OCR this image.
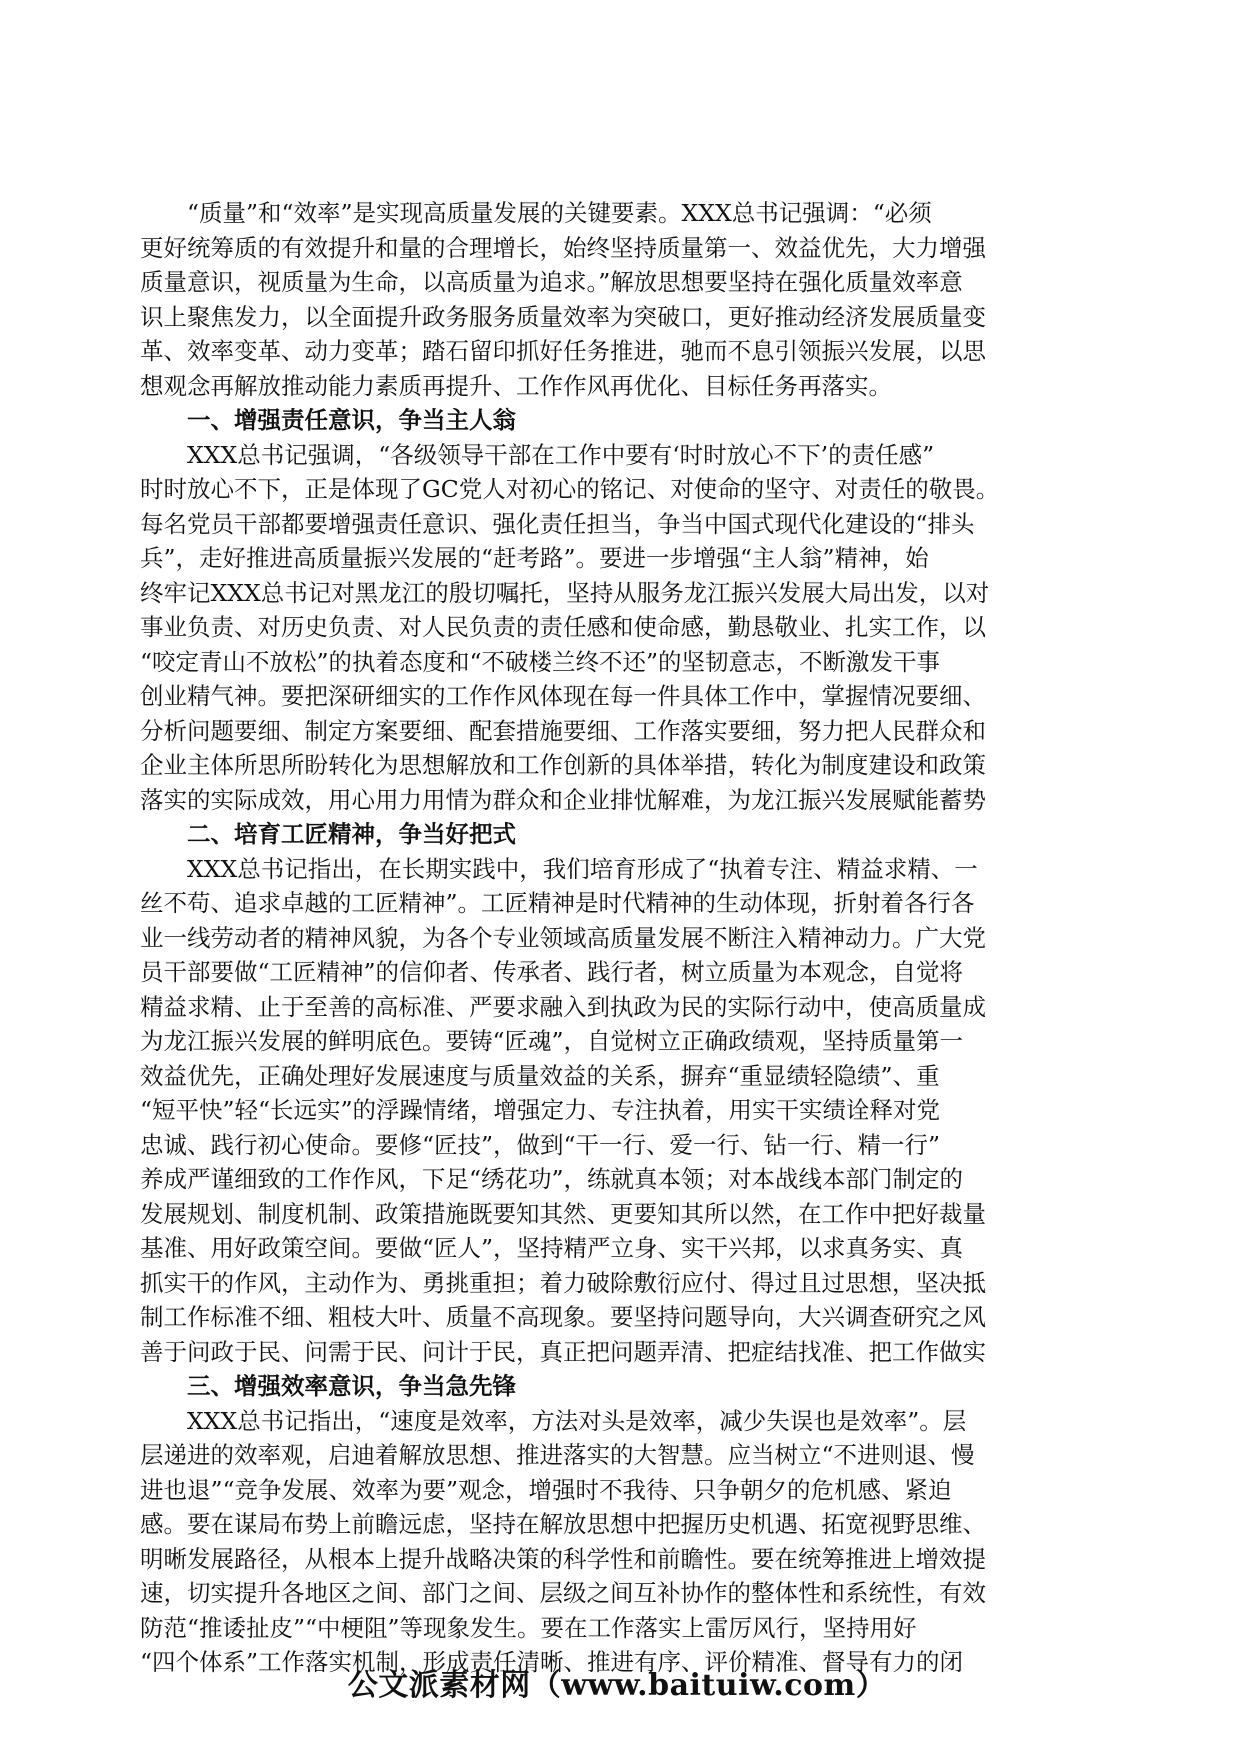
　　“质量”和“效率”是实现高质量发展的关键要素。XXX总书记强调：“必须
更好统筹质的有效提升和量的合理增长，始终坚持质量第一、效益优先，大力增强
质量意识，视质量为生命，以高质量为追求。”解放思想要坚持在强化质量效率意
识上聚焦发力，以全面提升政务服务质量效率为突破口，更好推动经济发展质量变
革、效率变革、动力变革；踏石留印抓好任务推进，驰而不息引领振兴发展，以思
想观念再解放推动能力素质再提升、工作作风再优化、目标任务再落实。
　　一、增强责任意识，争当主人翁
　　XXX总书记强调，“各级领导干部在工作中要有‘时时放心不下’的责任感”
时时放心不下，正是体现了GC党人对初心的铭记、对使命的坚守、对责任的敬畏。
每名党员干部都要增强责任意识、强化责任担当，争当中国式现代化建设的“排头
兵”，走好推进高质量振兴发展的“赶考路”。要进一步增强“主人翁”精神，始
终牢记XXX总书记对黑龙江的殷切嘱托，坚持从服务龙江振兴发展大局出发，以对
事业负责、对历史负责、对人民负责的责任感和使命感，勤恳敬业、扎实工作，以
“咬定青山不放松”的执着态度和“不破楼兰终不还”的坚韧意志，不断激发干事
创业精气神。要把深研细实的工作作风体现在每一件具体工作中，掌握情况要细、
分析问题要细、制定方案要细、配套措施要细、工作落实要细，努力把人民群众和
企业主体所思所盼转化为思想解放和工作创新的具体举措，转化为制度建设和政策
落实的实际成效，用心用力用情为群众和企业排忧解难，为龙江振兴发展赋能蓄势
　　二、培育工匠精神，争当好把式
　　XXX总书记指出，在长期实践中，我们培育形成了“执着专注、精益求精、一
丝不苟、追求卓越的工匠精神”。工匠精神是时代精神的生动体现，折射着各行各
业一线劳动者的精神风貌，为各个专业领域高质量发展不断注入精神动力。广大党
员干部要做“工匠精神”的信仰者、传承者、践行者，树立质量为本观念，自觉将
精益求精、止于至善的高标准、严要求融入到执政为民的实际行动中，使高质量成
为龙江振兴发展的鲜明底色。要铸“匠魂”，自觉树立正确政绩观，坚持质量第一
效益优先，正确处理好发展速度与质量效益的关系，摒弃“重显绩轻隐绩”、重
“短平快”轻“长远实”的浮躁情绪，增强定力、专注执着，用实干实绩诠释对党
忠诚、践行初心使命。要修“匠技”，做到“干一行、爱一行、钻一行、精一行”
养成严谨细致的工作作风，下足“绣花功”，练就真本领；对本战线本部门制定的
发展规划、制度机制、政策措施既要知其然、更要知其所以然，在工作中把好裁量
基准、用好政策空间。要做“匠人”，坚持精严立身、实干兴邦，以求真务实、真
抓实干的作风，主动作为、勇挑重担；着力破除敷衍应付、得过且过思想，坚决抵
制工作标准不细、粗枝大叶、质量不高现象。要坚持问题导向，大兴调查研究之风
善于问政于民、问需于民、问计于民，真正把问题弄清、把症结找准、把工作做实
　　三、增强效率意识，争当急先锋
　　XXX总书记指出，“速度是效率，方法对头是效率，减少失误也是效率”。层
层递进的效率观，启迪着解放思想、推进落实的大智慧。应当树立“不进则退、慢
进也退”“竞争发展、效率为要”观念，增强时不我待、只争朝夕的危机感、紧迫
感。要在谋局布势上前瞻远虑，坚持在解放思想中把握历史机遇、拓宽视野思维、
明晰发展路径，从根本上提升战略决策的科学性和前瞻性。要在统筹推进上增效提
速，切实提升各地区之间、部门之间、层级之间互补协作的整体性和系统性，有效
防范“推诿扯皮”“中梗阻”等现象发生。要在工作落实上雷厉风行，坚持用好
“四个体系”工作落实机制，形成责任清晰、推进有序、评价精准、督导有力的闭
公文派素材网（www.baituiw.com）
